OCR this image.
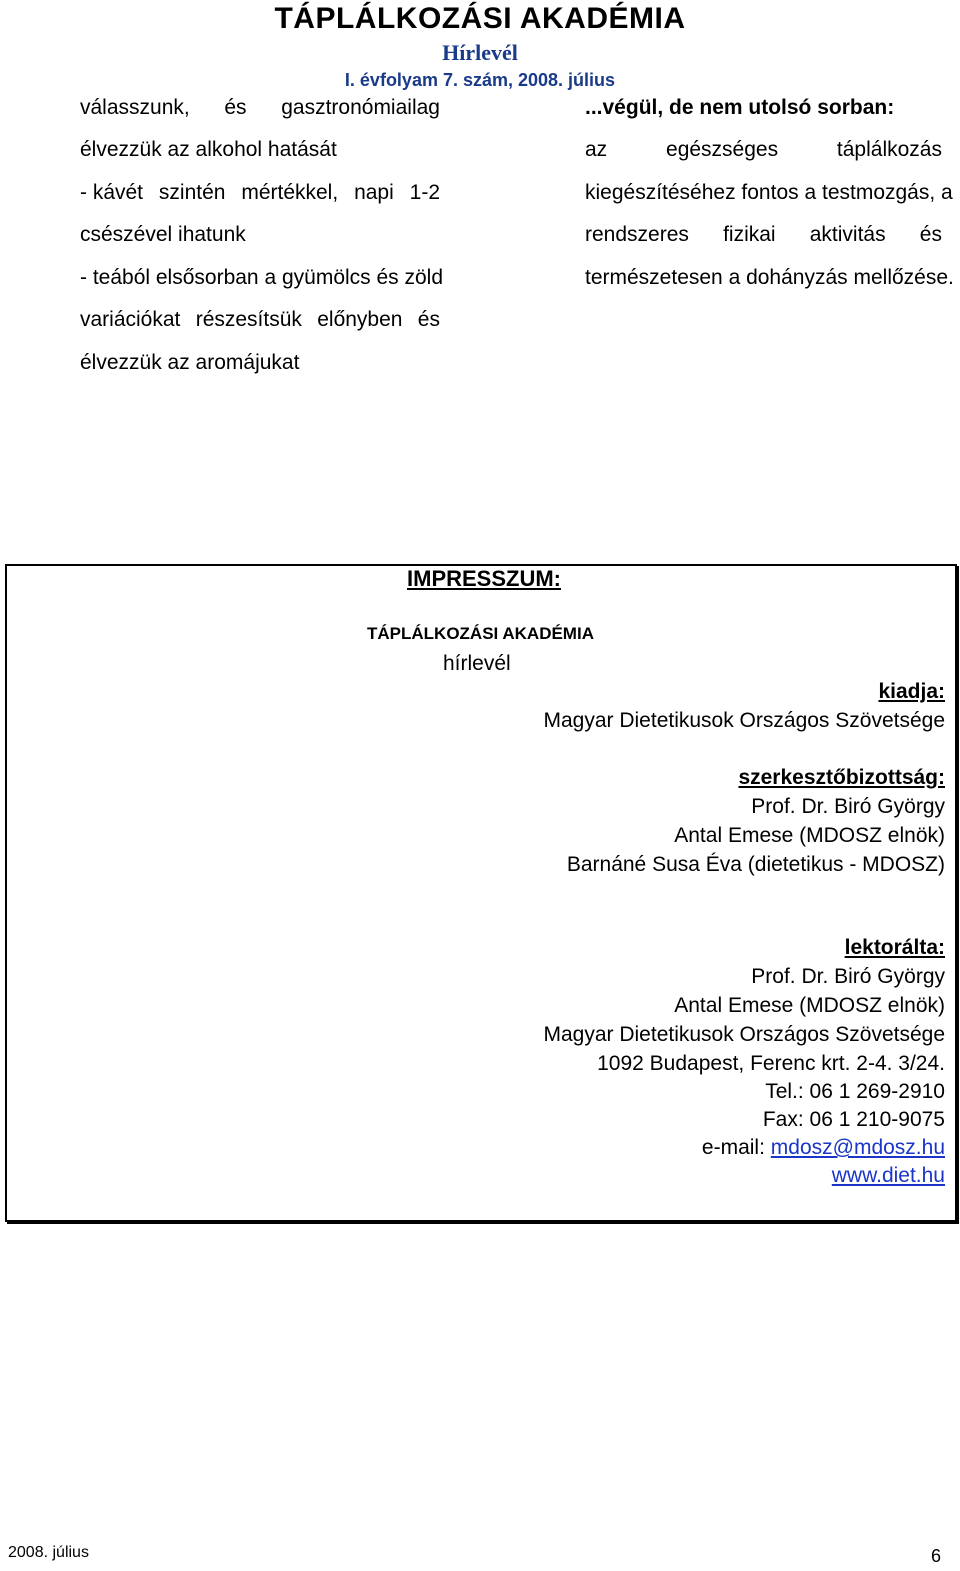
TÁPLÁLKOZÁSI AKADÉMIA
Hírlevél
I. évfolyam 7. szám, 2008. július
válasszunk, és gasztronómiailag
élvezzük az alkohol hatását
- kávét szintén mértékkel, napi 1-2
csészével ihatunk
- teából elsősorban a gyümölcs és zöld
variációkat részesítsük előnyben és
élvezzük az aromájukat
...végül, de nem utolsó sorban:
az	egészséges	táplálkozás
kiegészítéséhez fontos a testmozgás, a
rendszeres fizikai aktivitás és
természetesen a dohányzás mellőzése.
IMPRESSZUM:
TÁPLÁLKOZÁSI AKADÉMIA
hírlevél
kiadja:
Magyar Dietetikusok Országos Szövetsége
szerkesztőbizottság:
Prof. Dr. Biró György
Antal Emese (MDOSZ elnök)
Barnáné Susa Éva (dietetikus - MDOSZ)
lektorálta:
Prof. Dr. Biró György
Antal Emese (MDOSZ elnök)
Magyar Dietetikusok Országos Szövetsége
1092 Budapest, Ferenc krt. 2-4. 3/24.
Tel.: 06 1 269-2910
Fax: 06 1 210-9075
e-mail: mdosz@mdosz.hu
www.diet.hu
2008. július	6
